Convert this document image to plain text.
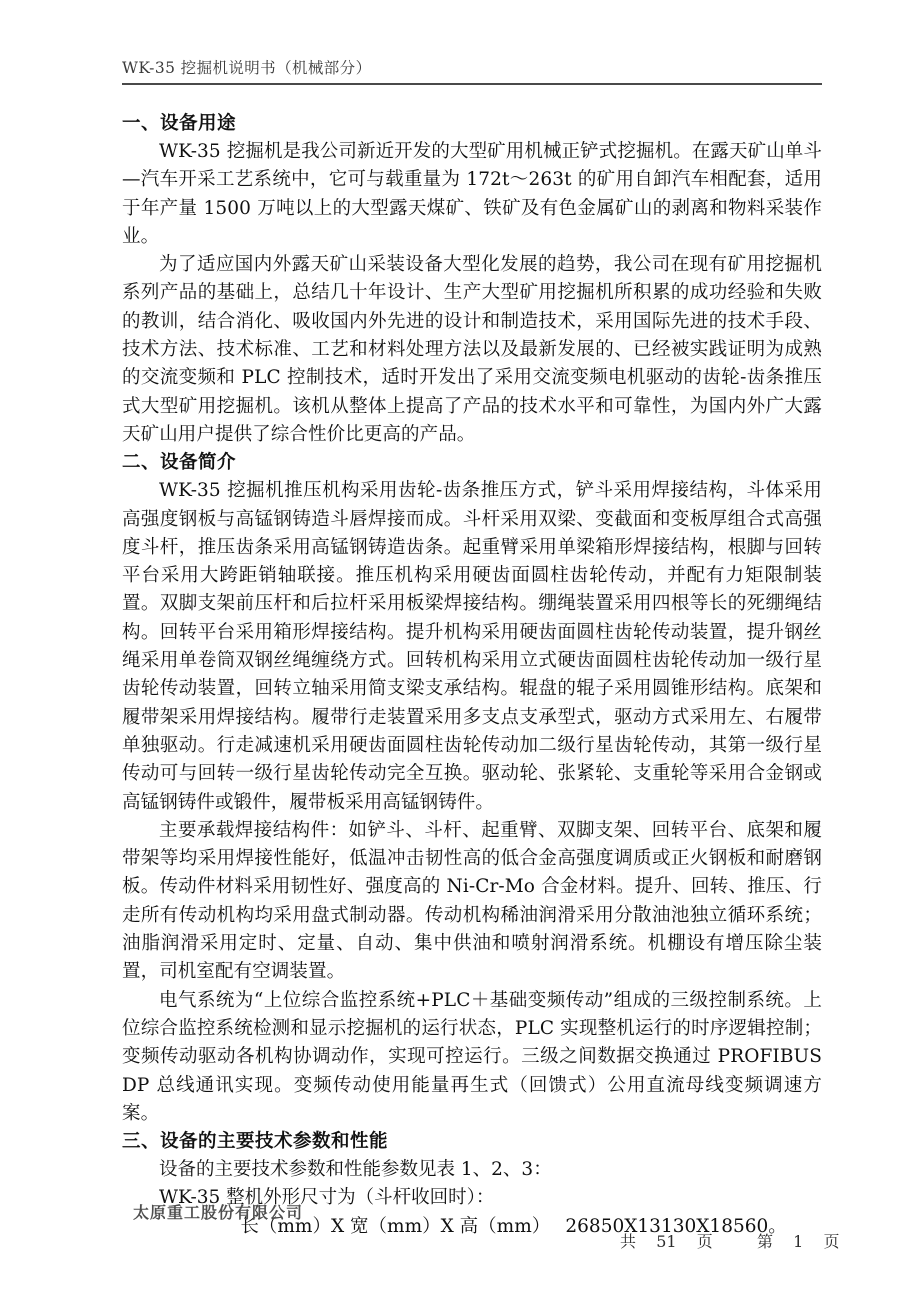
WK-35 挖掘机说明书（机械部分）
一、设备用途

WK-35 挖掘机是我公司新近开发的大型矿用机械正铲式挖掘机。在露天矿山单斗—汽车开采工艺系统中，它可与载重量为 172t～263t 的矿用自卸汽车相配套，适用于年产量 1500 万吨以上的大型露天煤矿、铁矿及有色金属矿山的剥离和物料采装作业。

为了适应国内外露天矿山采装设备大型化发展的趋势，我公司在现有矿用挖掘机系列产品的基础上，总结几十年设计、生产大型矿用挖掘机所积累的成功经验和失败的教训，结合消化、吸收国内外先进的设计和制造技术，采用国际先进的技术手段、技术方法、技术标准、工艺和材料处理方法以及最新发展的、已经被实践证明为成熟的交流变频和 PLC 控制技术，适时开发出了采用交流变频电机驱动的齿轮-齿条推压式大型矿用挖掘机。该机从整体上提高了产品的技术水平和可靠性，为国内外广大露天矿山用户提供了综合性价比更高的产品。

二、设备简介

WK-35 挖掘机推压机构采用齿轮-齿条推压方式，铲斗采用焊接结构，斗体采用高强度钢板与高锰钢铸造斗唇焊接而成。斗杆采用双梁、变截面和变板厚组合式高强度斗杆，推压齿条采用高锰钢铸造齿条。起重臂采用单梁箱形焊接结构，根脚与回转平台采用大跨距销轴联接。推压机构采用硬齿面圆柱齿轮传动，并配有力矩限制装置。双脚支架前压杆和后拉杆采用板梁焊接结构。绷绳装置采用四根等长的死绷绳结构。回转平台采用箱形焊接结构。提升机构采用硬齿面圆柱齿轮传动装置，提升钢丝绳采用单卷筒双钢丝绳缠绕方式。回转机构采用立式硬齿面圆柱齿轮传动加一级行星齿轮传动装置，回转立轴采用简支梁支承结构。辊盘的辊子采用圆锥形结构。底架和履带架采用焊接结构。履带行走装置采用多支点支承型式，驱动方式采用左、右履带单独驱动。行走减速机采用硬齿面圆柱齿轮传动加二级行星齿轮传动，其第一级行星传动可与回转一级行星齿轮传动完全互换。驱动轮、张紧轮、支重轮等采用合金钢或高锰钢铸件或锻件，履带板采用高锰钢铸件。

主要承载焊接结构件：如铲斗、斗杆、起重臂、双脚支架、回转平台、底架和履带架等均采用焊接性能好，低温冲击韧性高的低合金高强度调质或正火钢板和耐磨钢板。传动件材料采用韧性好、强度高的 Ni-Cr-Mo 合金材料。提升、回转、推压、行走所有传动机构均采用盘式制动器。传动机构稀油润滑采用分散油池独立循环系统；油脂润滑采用定时、定量、自动、集中供油和喷射润滑系统。机棚设有增压除尘装置，司机室配有空调装置。

电气系统为“上位综合监控系统+PLC＋基础变频传动”组成的三级控制系统。上位综合监控系统检测和显示挖掘机的运行状态，PLC 实现整机运行的时序逻辑控制；变频传动驱动各机构协调动作，实现可控运行。三级之间数据交换通过 PROFIBUS DP 总线通讯实现。变频传动使用能量再生式（回馈式）公用直流母线变频调速方案。

三、设备的主要技术参数和性能
设备的主要技术参数和性能参数见表 1、2、3：
WK-35 整机外形尺寸为（斗杆收回时）：
长（mm）X 宽（mm）X 高（mm）　 26850X13130X18560。
太原重工股份有限公司
共 51 页	第 1 页
